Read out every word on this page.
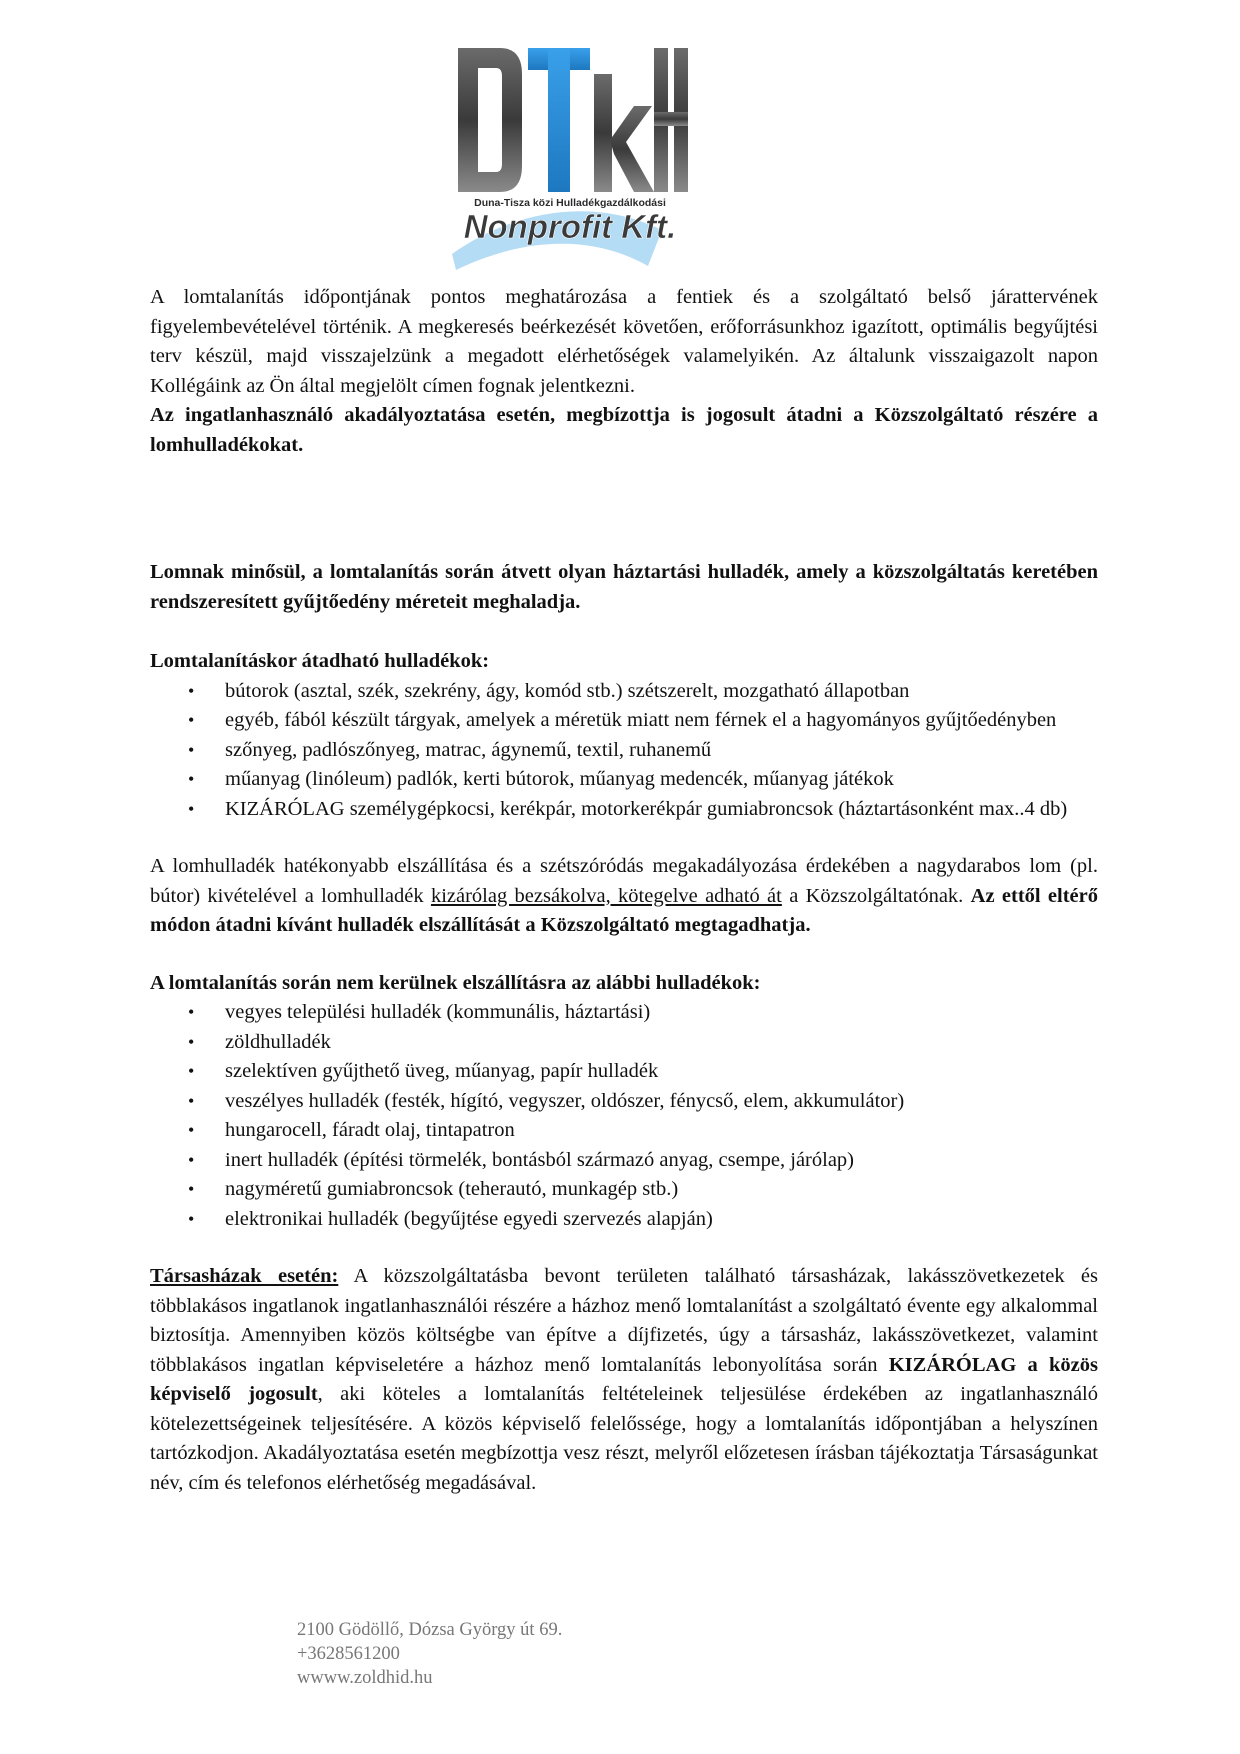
Duna-Tisza közi Hulladékgazdálkodási
Nonprofit Kft.

A lomtalanítás időpontjának pontos meghatározása a fentiek és a szolgáltató belső járattervének figyelembevételével történik. A megkeresés beérkezését követően, erőforrásunkhoz igazított, optimális begyűjtési terv készül, majd visszajelzünk a megadott elérhetőségek valamelyikén. Az általunk visszaigazolt napon Kollégáink az Ön által megjelölt címen fognak jelentkezni.

Az ingatlanhasználó akadályoztatása esetén, megbízottja is jogosult átadni a Közszolgáltató részére a lomhulladékokat.

Lomnak minősül, a lomtalanítás során átvett olyan háztartási hulladék, amely a közszolgáltatás keretében rendszeresített gyűjtőedény méreteit meghaladja.

Lomtalanításkor átadható hulladékok:
• bútorok (asztal, szék, szekrény, ágy, komód stb.) szétszerelt, mozgatható állapotban
• egyéb, fából készült tárgyak, amelyek a méretük miatt nem férnek el a hagyományos gyűjtőedényben
• szőnyeg, padlószőnyeg, matrac, ágynemű, textil, ruhanemű
• műanyag (linóleum) padlók, kerti bútorok, műanyag medencék, műanyag játékok
• KIZÁRÓLAG személygépkocsi, kerékpár, motorkerékpár gumiabroncsok (háztartásonként max..4 db)

A lomhulladék hatékonyabb elszállítása és a szétszóródás megakadályozása érdekében a nagydarabos lom (pl. bútor) kivételével a lomhulladék kizárólag bezsákolva, kötegelve adható át a Közszolgáltatónak. Az ettől eltérő módon átadni kívánt hulladék elszállítását a Közszolgáltató megtagadhatja.

A lomtalanítás során nem kerülnek elszállításra az alábbi hulladékok:
• vegyes települési hulladék (kommunális, háztartási)
• zöldhulladék
• szelektíven gyűjthető üveg, műanyag, papír hulladék
• veszélyes hulladék (festék, hígító, vegyszer, oldószer, fénycső, elem, akkumulátor)
• hungarocell, fáradt olaj, tintapatron
• inert hulladék (építési törmelék, bontásból származó anyag, csempe, járólap)
• nagyméretű gumiabroncsok (teherautó, munkagép stb.)
• elektronikai hulladék (begyűjtése egyedi szervezés alapján)

Társasházak esetén: A közszolgáltatásba bevont területen található társasházak, lakásszövetkezetek és többlakásos ingatlanok ingatlanhasználói részére a házhoz menő lomtalanítást a szolgáltató évente egy alkalommal biztosítja. Amennyiben közös költségbe van építve a díjfizetés, úgy a társasház, lakásszövetkezet, valamint többlakásos ingatlan képviseletére a házhoz menő lomtalanítás lebonyolítása során KIZÁRÓLAG a közös képviselő jogosult, aki köteles a lomtalanítás feltételeinek teljesülése érdekében az ingatlanhasználó kötelezettségeinek teljesítésére. A közös képviselő felelőssége, hogy a lomtalanítás időpontjában a helyszínen tartózkodjon. Akadályoztatása esetén megbízottja vesz részt, melyről előzetesen írásban tájékoztatja Társaságunkat név, cím és telefonos elérhetőség megadásával.

2100 Gödöllő, Dózsa György út 69.
+3628561200
wwww.zoldhid.hu
